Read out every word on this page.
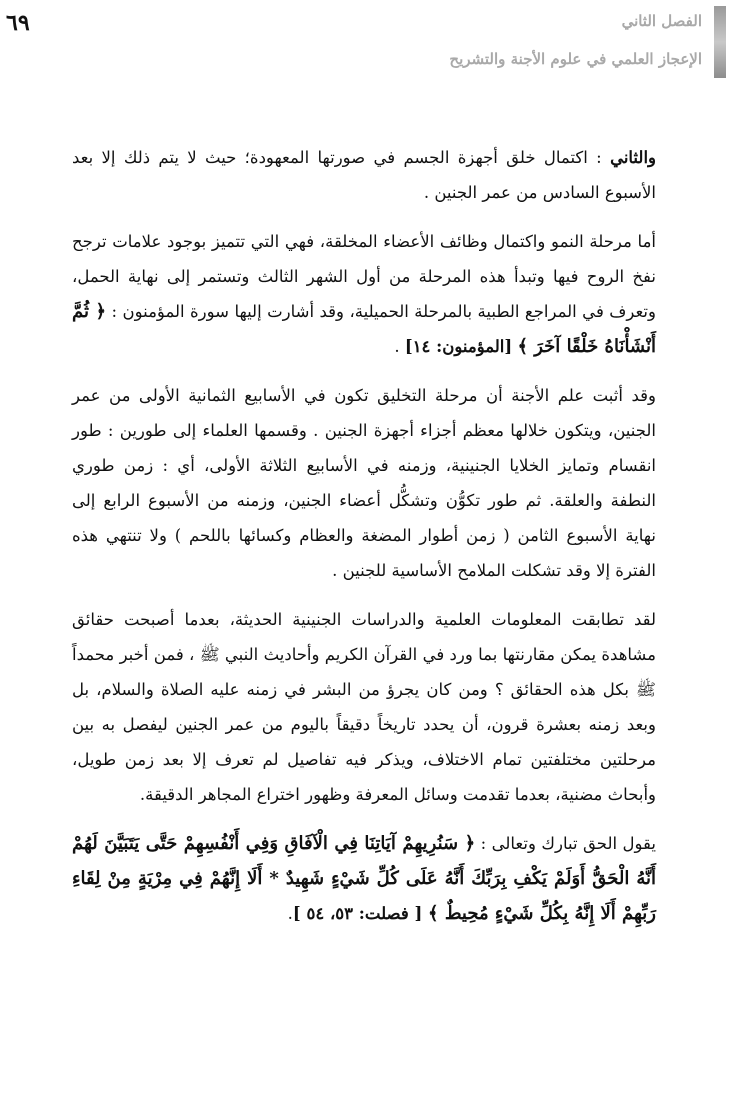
٦٩	الفصل الثاني
الإعجاز العلمي في علوم الأجنة والتشريح

والثاني : اكتمال خلق أجهزة الجسم في صورتها المعهودة؛ حيث لا يتم ذلك إلا بعد الأسبوع السادس من عمر الجنين .

أما مرحلة النمو واكتمال وظائف الأعضاء المخلقة، فهي التي تتميز بوجود علامات ترجح نفخ الروح فيها وتبدأ هذه المرحلة من أول الشهر الثالث وتستمر إلى نهاية الحمل، وتعرف في المراجع الطبية بالمرحلة الحميلية، وقد أشارت إليها سورة المؤمنون : ﴿ ثُمَّ أَنْشَأْنَاهُ خَلْقًا آخَرَ ﴾ [المؤمنون: ١٤] .

وقد أثبت علم الأجنة أن مرحلة التخليق تكون في الأسابيع الثمانية الأولى من عمر الجنين، ويتكون خلالها معظم أجزاء أجهزة الجنين . وقسمها العلماء إلى طورين : طور انقسام وتمايز الخلايا الجنينية، وزمنه في الأسابيع الثلاثة الأولى، أي : زمن طوري النطفة والعلقة. ثم طور تكوُّن وتشكُّل أعضاء الجنين، وزمنه من الأسبوع الرابع إلى نهاية الأسبوع الثامن ( زمن أطوار المضغة والعظام وكسائها باللحم ) ولا تنتهي هذه الفترة إلا وقد تشكلت الملامح الأساسية للجنين .

لقد تطابقت المعلومات العلمية والدراسات الجنينية الحديثة، بعدما أصبحت حقائق مشاهدة يمكن مقارنتها بما ورد في القرآن الكريم وأحاديث النبي ﷺ ، فمن أخبر محمداً ﷺ بكل هذه الحقائق ؟ ومن كان يجرؤ من البشر في زمنه عليه الصلاة والسلام، بل وبعد زمنه بعشرة قرون، أن يحدد تاريخاً دقيقاً باليوم من عمر الجنين ليفصل به بين مرحلتين مختلفتين تمام الاختلاف، ويذكر فيه تفاصيل لم تعرف إلا بعد زمن طويل، وأبحاث مضنية، بعدما تقدمت وسائل المعرفة وظهور اختراع المجاهر الدقيقة.

يقول الحق تبارك وتعالى : ﴿ سَنُرِيهِمْ آيَاتِنَا فِي الْآفَاقِ وَفِي أَنْفُسِهِمْ حَتَّى يَتَبَيَّنَ لَهُمْ أَنَّهُ الْحَقُّ أَوَلَمْ يَكْفِ بِرَبِّكَ أَنَّهُ عَلَى كُلِّ شَيْءٍ شَهِيدٌ * أَلَا إِنَّهُمْ فِي مِرْيَةٍ مِنْ لِقَاءِ رَبِّهِمْ أَلَا إِنَّهُ بِكُلِّ شَيْءٍ مُحِيطٌ ﴾ [ فصلت: ٥٣، ٥٤ ].
